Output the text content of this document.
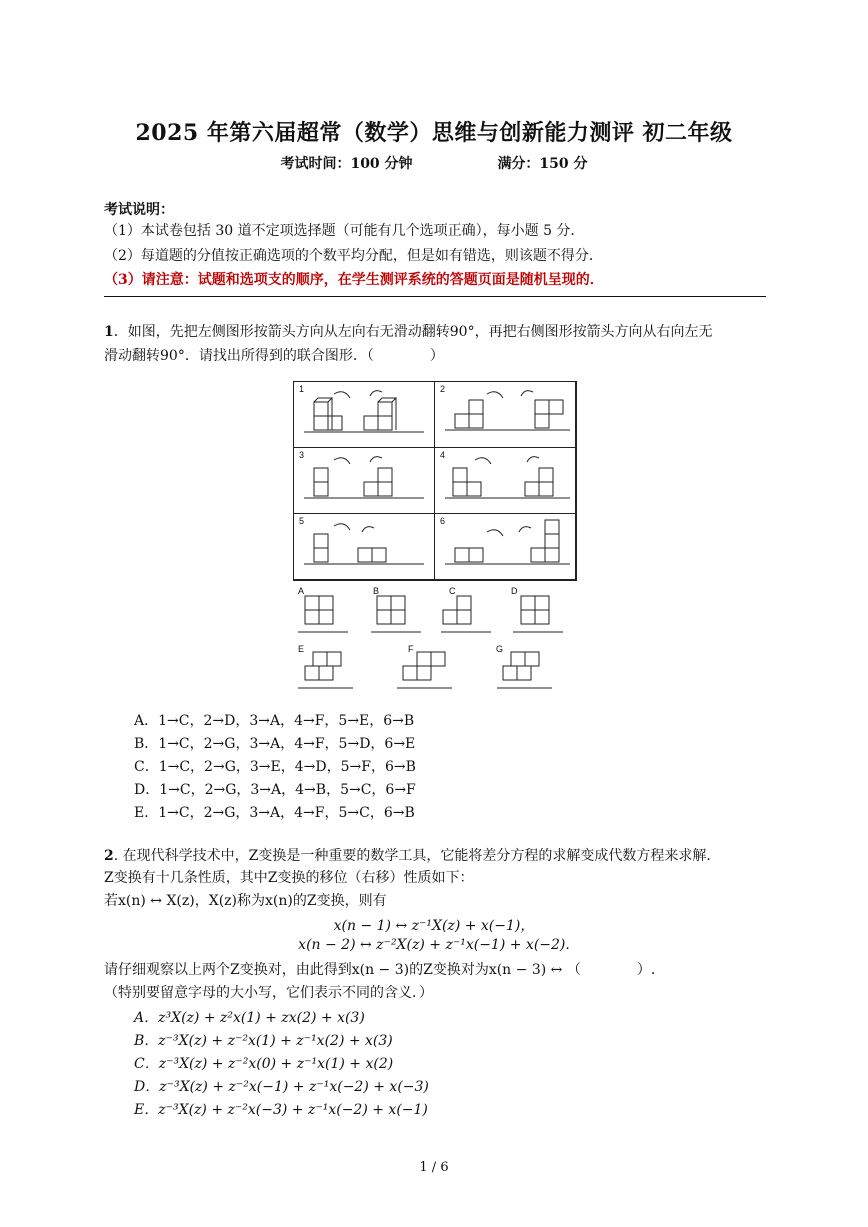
2025 年第六届超常（数学）思维与创新能力测评 初二年级
考试时间：100 分钟	满分：150 分
考试说明：
（1）本试卷包括 30 道不定项选择题（可能有几个选项正确），每小题 5 分．
（2）每道题的分值按正确选项的个数平均分配，但是如有错选，则该题不得分．
（3）请注意：试题和选项支的顺序，在学生测评系统的答题页面是随机呈现的．
1．如图，先把左侧图形按箭头方向从左向右无滑动翻转90°，再把右侧图形按箭头方向从右向左无
滑动翻转90°．请找出所得到的联合图形．（　　　　）
1	2
3	4
5	6
A	B	C	D
E	F	G
A．1→C，2→D，3→A，4→F，5→E，6→B
B．1→C，2→G，3→A，4→F，5→D，6→E
C．1→C，2→G，3→E，4→D，5→F，6→B
D．1→C，2→G，3→A，4→B，5→C，6→F
E．1→C，2→G，3→A，4→F，5→C，6→B
2. 在现代科学技术中，Z变换是一种重要的数学工具，它能将差分方程的求解变成代数方程来求解．
Z变换有十几条性质，其中Z变换的移位（右移）性质如下：
若x(n) ↔ X(z)，X(z)称为x(n)的Z变换，则有
x(n − 1) ↔ z⁻¹X(z) + x(−1)，
x(n − 2) ↔ z⁻²X(z) + z⁻¹x(−1) + x(−2).
请仔细观察以上两个Z变换对，由此得到x(n − 3)的Z变换对为x(n − 3) ↔ （　　　　）.
（特别要留意字母的大小写，它们表示不同的含义．）
A．z³X(z) + z²x(1) + zx(2) + x(3)
B．z⁻³X(z) + z⁻²x(1) + z⁻¹x(2) + x(3)
C．z⁻³X(z) + z⁻²x(0) + z⁻¹x(1) + x(2)
D．z⁻³X(z) + z⁻²x(−1) + z⁻¹x(−2) + x(−3)
E．z⁻³X(z) + z⁻²x(−3) + z⁻¹x(−2) + x(−1)
1 / 6
